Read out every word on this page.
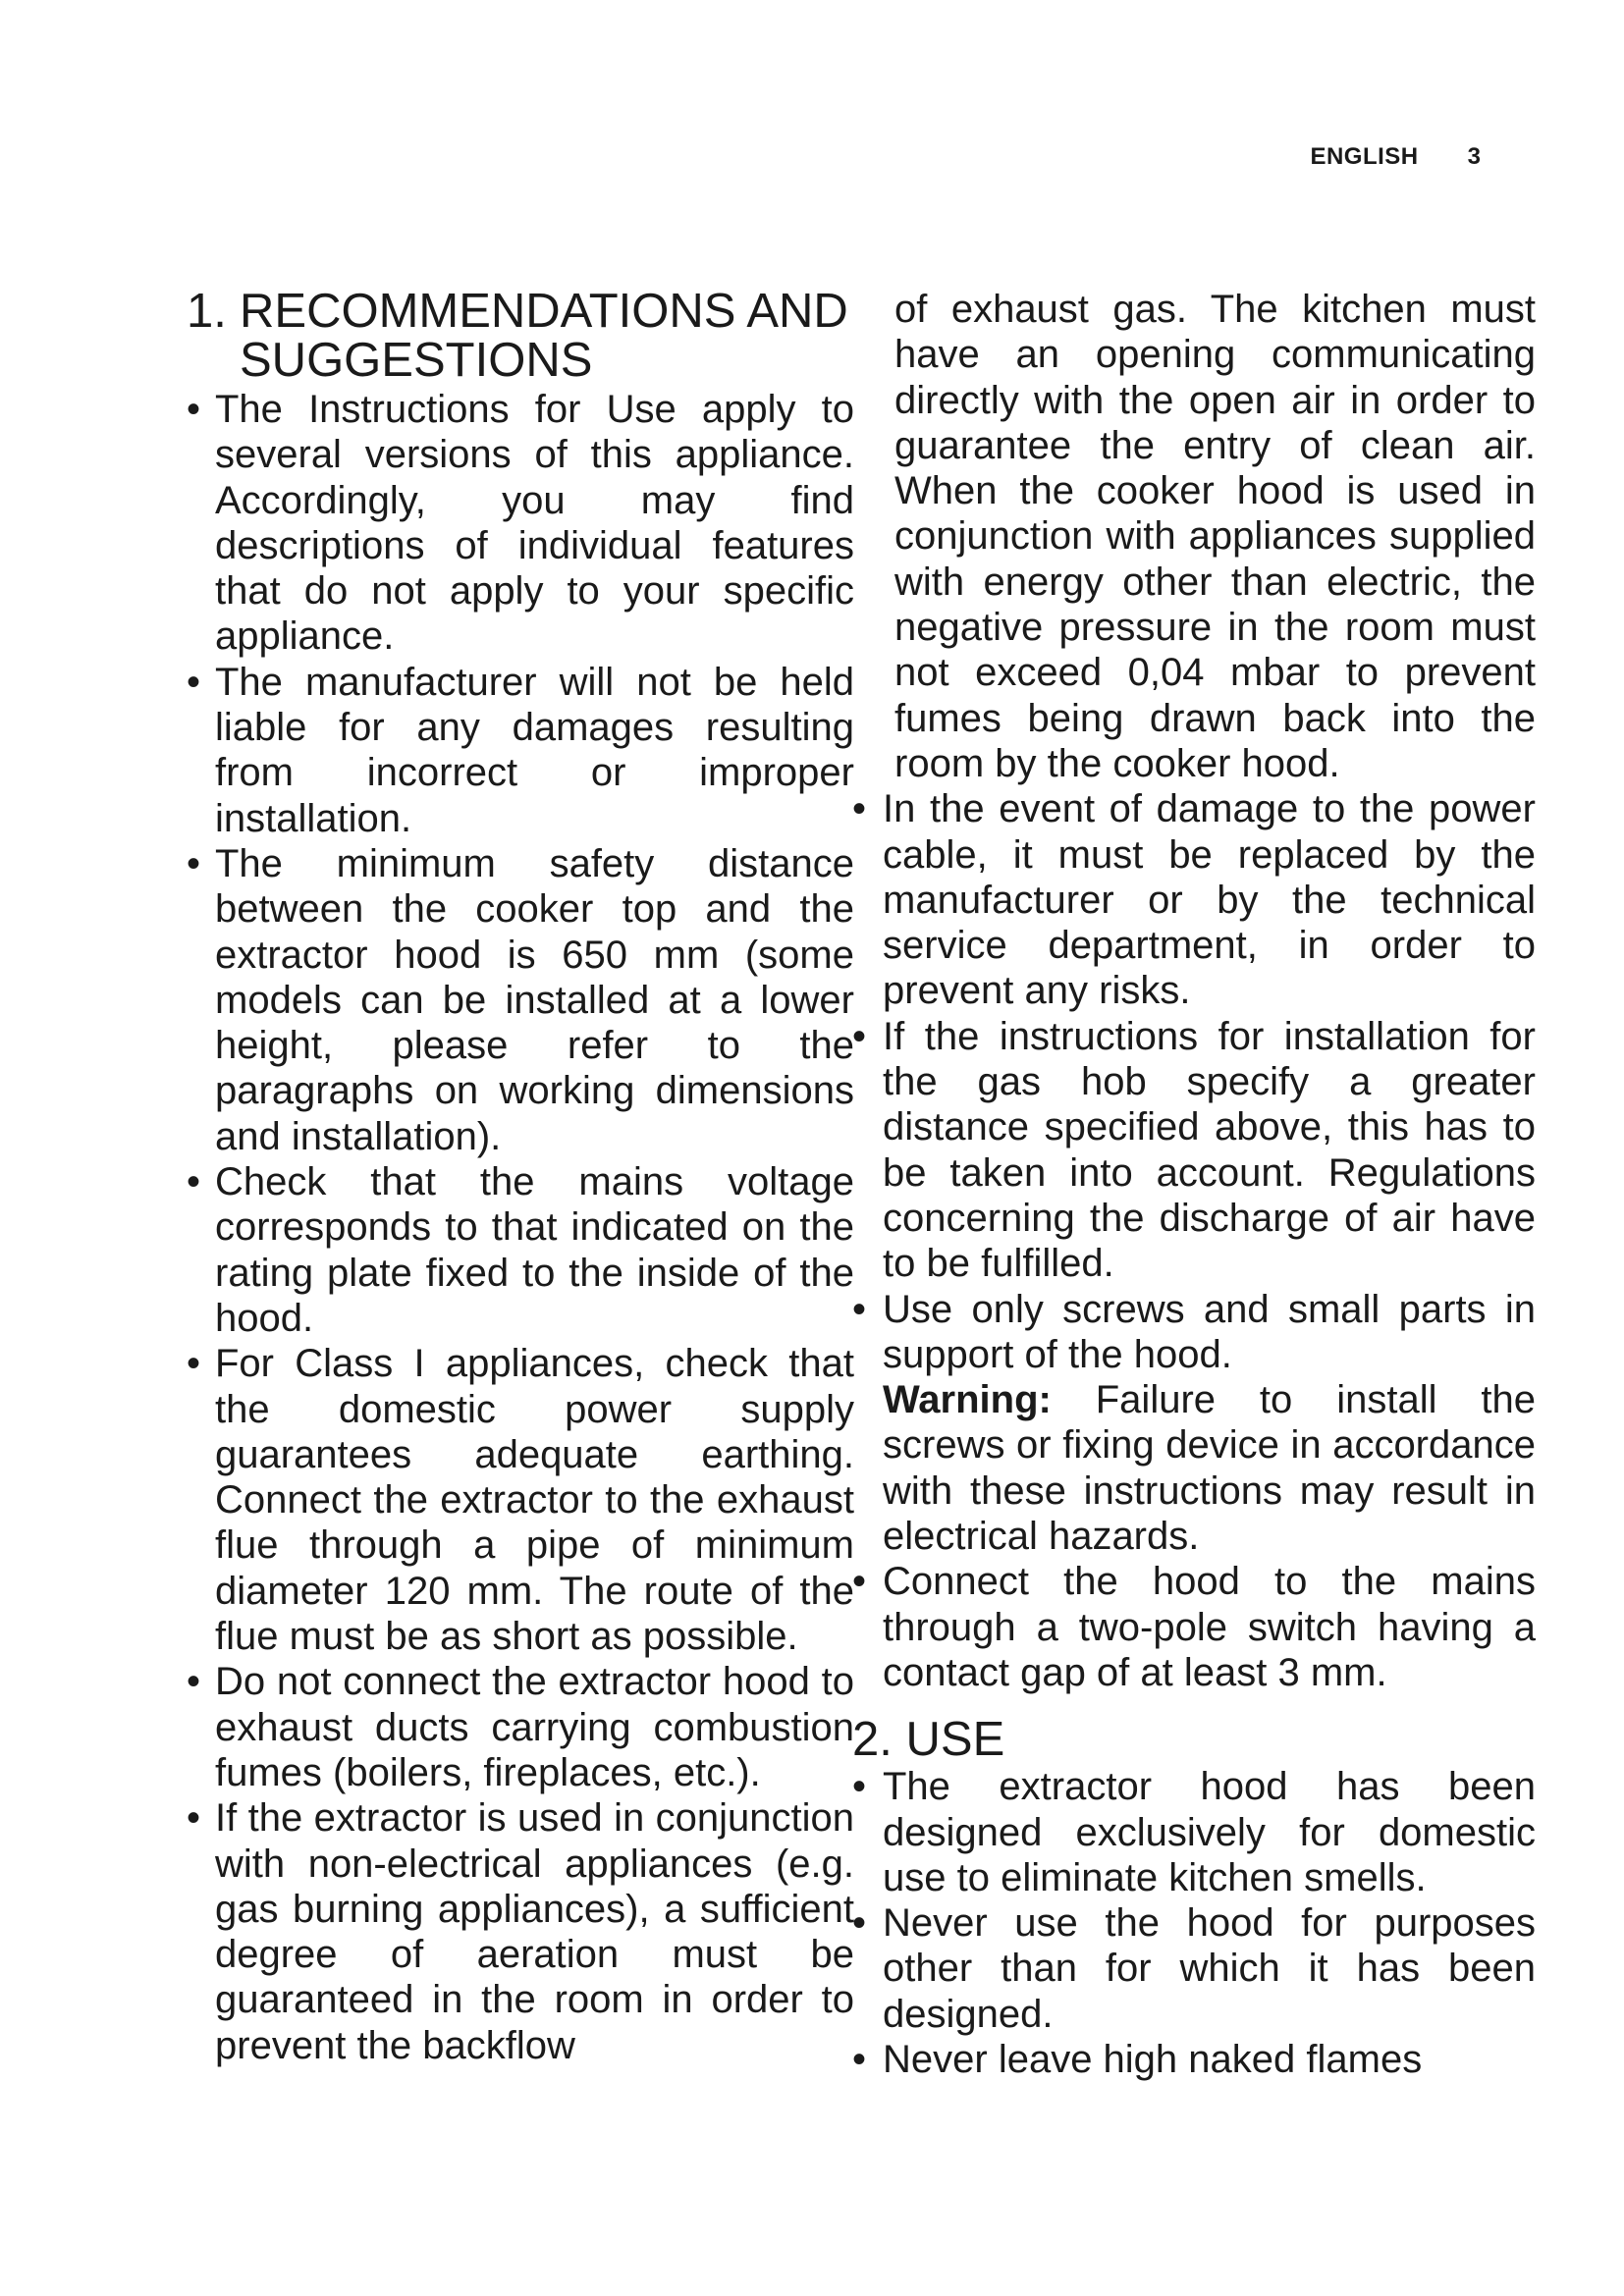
ENGLISH 3
1. RECOMMENDATIONS AND SUGGESTIONS
• The Instructions for Use apply to several versions of this appliance. Accordingly, you may find descriptions of individual features that do not apply to your specific appliance.
• The manufacturer will not be held liable for any damages resulting from incorrect or improper installation.
• The minimum safety distance between the cooker top and the extractor hood is 650 mm (some models can be installed at a lower height, please refer to the paragraphs on working dimensions and installation).
• Check that the mains voltage corresponds to that indicated on the rating plate fixed to the inside of the hood.
• For Class I appliances, check that the domestic power supply guarantees adequate earthing. Connect the extractor to the exhaust flue through a pipe of minimum diameter 120 mm. The route of the flue must be as short as possible.
• Do not connect the extractor hood to exhaust ducts carrying combustion fumes (boilers, fireplaces, etc.).
• If the extractor is used in conjunction with non-electrical appliances (e.g. gas burning appliances), a sufficient degree of aeration must be guaranteed in the room in order to prevent the backflow
of exhaust gas. The kitchen must have an opening communicating directly with the open air in order to guarantee the entry of clean air. When the cooker hood is used in conjunction with appliances supplied with energy other than electric, the negative pressure in the room must not exceed 0,04 mbar to prevent fumes being drawn back into the room by the cooker hood.
• In the event of damage to the power cable, it must be replaced by the manufacturer or by the technical service department, in order to prevent any risks.
• If the instructions for installation for the gas hob specify a greater distance specified above, this has to be taken into account. Regulations concerning the discharge of air have to be fulfilled.
• Use only screws and small parts in support of the hood.
Warning: Failure to install the screws or fixing device in accordance with these instructions may result in electrical hazards.
• Connect the hood to the mains through a two-pole switch having a contact gap of at least 3 mm.
2. USE
• The extractor hood has been designed exclusively for domestic use to eliminate kitchen smells.
• Never use the hood for purposes other than for which it has been designed.
• Never leave high naked flames
